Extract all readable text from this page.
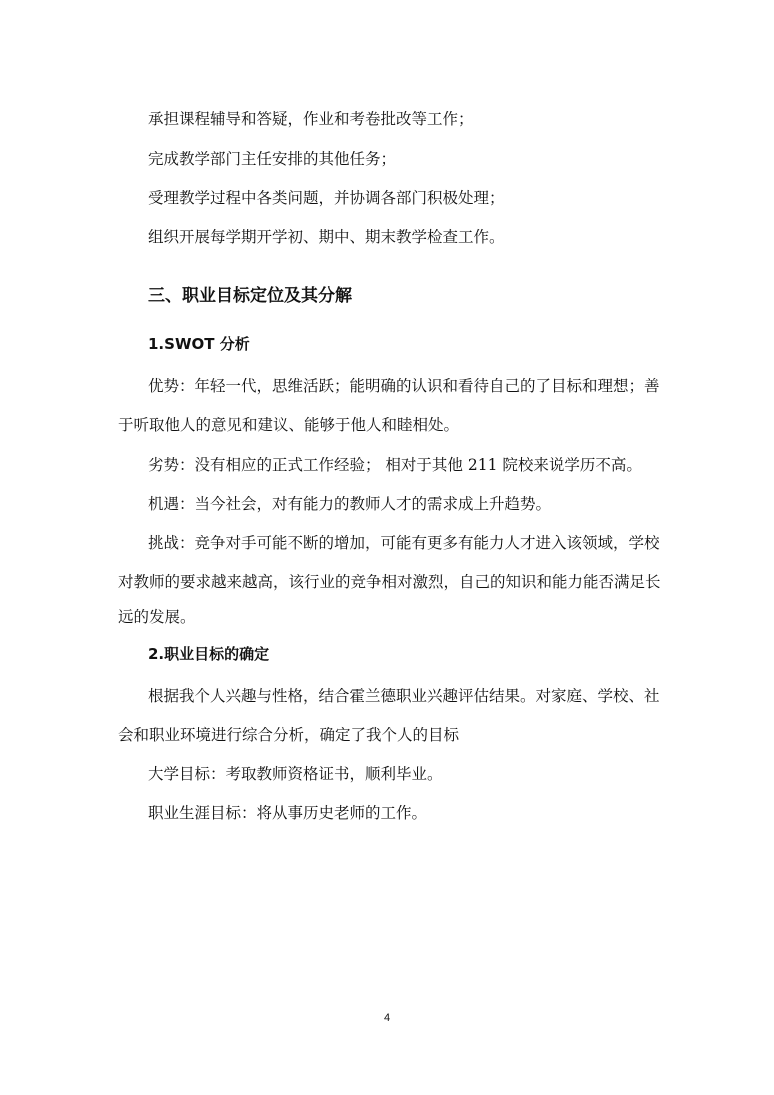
承担课程辅导和答疑，作业和考卷批改等工作；
完成教学部门主任安排的其他任务；
受理教学过程中各类问题，并协调各部门积极处理；
组织开展每学期开学初、期中、期末教学检查工作。
三、职业目标定位及其分解
1.SWOT 分析
优势：年轻一代，思维活跃；能明确的认识和看待自己的了目标和理想；善
于听取他人的意见和建议、能够于他人和睦相处。
劣势：没有相应的正式工作经验； 相对于其他 211 院校来说学历不高。
机遇：当今社会，对有能力的教师人才的需求成上升趋势。
挑战：竞争对手可能不断的增加，可能有更多有能力人才进入该领域，学校
对教师的要求越来越高，该行业的竞争相对激烈，自己的知识和能力能否满足长
远的发展。
2.职业目标的确定
根据我个人兴趣与性格，结合霍兰德职业兴趣评估结果。对家庭、学校、社
会和职业环境进行综合分析，确定了我个人的目标
大学目标：考取教师资格证书，顺利毕业。
职业生涯目标：将从事历史老师的工作。
4
